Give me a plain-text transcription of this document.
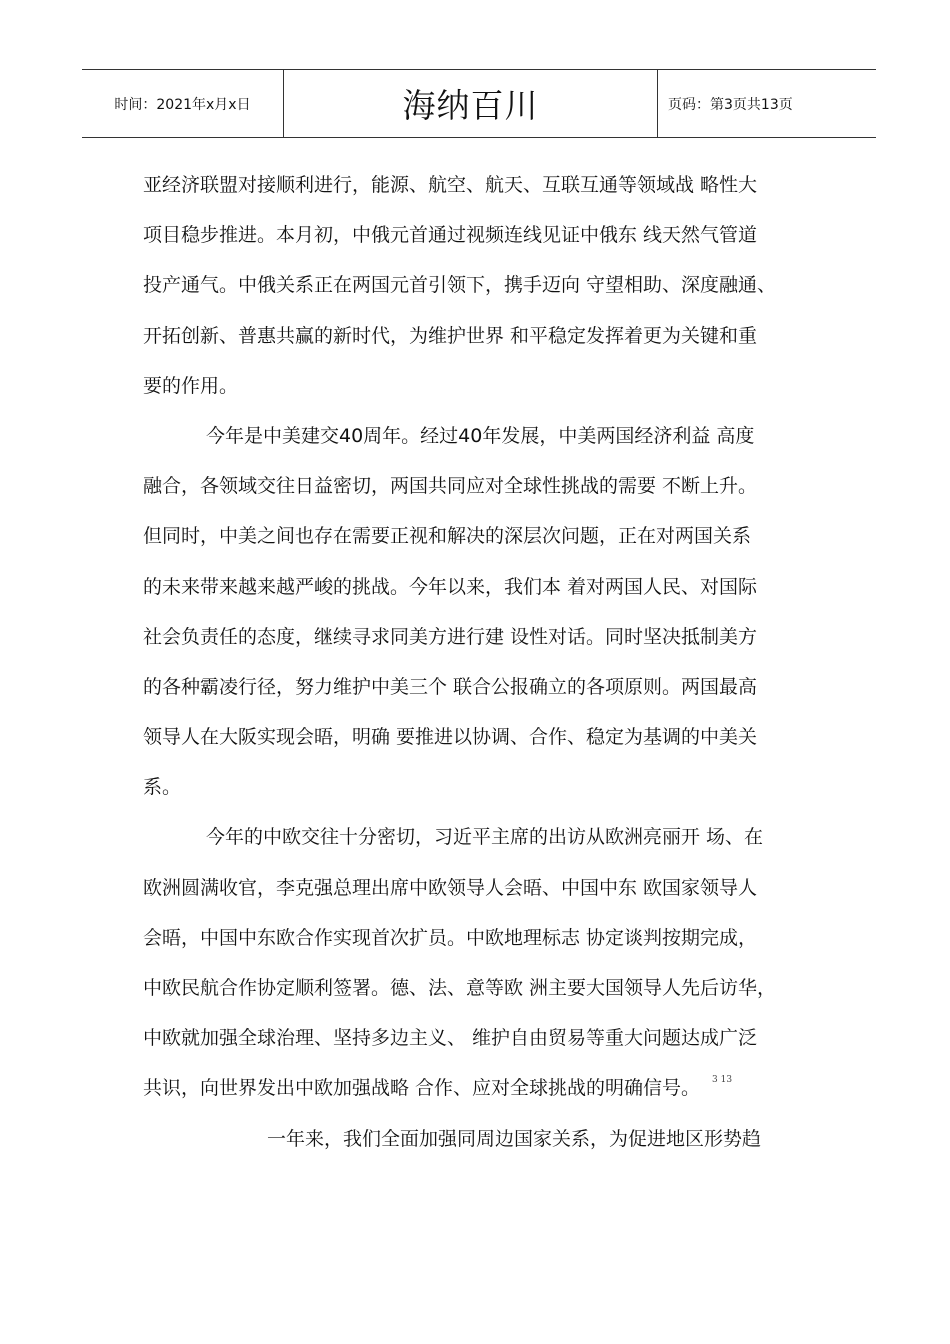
时间：2021年x月x日	海纳百川	页码：第3页共13页
亚经济联盟对接顺利进行，能源、航空、航天、互联互通等领域战 略性大
项目稳步推进。本月初，中俄元首通过视频连线见证中俄东 线天然气管道
投产通气。中俄关系正在两国元首引领下，携手迈向 守望相助、深度融通、
开拓创新、普惠共赢的新时代，为维护世界 和平稳定发挥着更为关键和重
要的作用。
今年是中美建交40周年。经过40年发展，中美两国经济利益 高度
融合，各领域交往日益密切，两国共同应对全球性挑战的需要 不断上升。
但同时，中美之间也存在需要正视和解决的深层次问题，正在对两国关系
的未来带来越来越严峻的挑战。今年以来，我们本 着对两国人民、对国际
社会负责任的态度，继续寻求同美方进行建 设性对话。同时坚决抵制美方
的各种霸凌行径，努力维护中美三个 联合公报确立的各项原则。两国最高
领导人在大阪实现会晤，明确 要推进以协调、合作、稳定为基调的中美关
系。
今年的中欧交往十分密切，习近平主席的出访从欧洲亮丽开 场、在
欧洲圆满收官，李克强总理出席中欧领导人会晤、中国中东 欧国家领导人
会晤，中国中东欧合作实现首次扩员。中欧地理标志 协定谈判按期完成，
中欧民航合作协定顺利签署。德、法、意等欧 洲主要大国领导人先后访华，
中欧就加强全球治理、坚持多边主义、 维护自由贸易等重大问题达成广泛
共识，向世界发出中欧加强战略 合作、应对全球挑战的明确信号。 $^{3 13}$
一年来，我们全面加强同周边国家关系，为促进地区形势趋
